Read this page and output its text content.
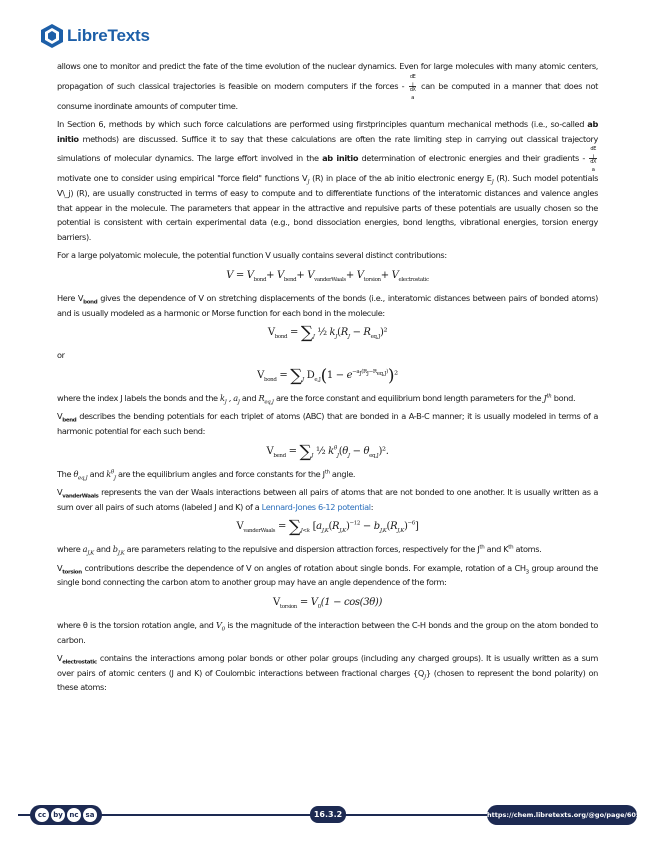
LibreTexts

allows one to monitor and predict the fate of the time evolution of the nuclear dynamics. Even for large molecules with many atomic centers, propagation of such classical trajectories is feasible on modern computers if the forces - dE
$_j$
dX
$_a$ can be computed in a manner that does not consume inordinate amounts of computer time.

In Section 6, methods by which such force calculations are performed using firstprinciples quantum mechanical methods (i.e., so-called ab initio methods) are discussed. Suffice it to say that these calculations are often the rate limiting step in carrying out classical trajectory simulations of molecular dynamics. The large effort involved in the ab initio determination of electronic energies and their gradients - dE
$_j$
dX
$_a$
motivate one to consider using empirical "force field" functions $V_J$ (R) in place of the ab initio electronic energy $E_J$ (R). Such model potentials V\_j) (R), are usually constructed in terms of easy to compute and to differentiate functions of the interatomic distances and valence angles that appear in the molecule. The parameters that appear in the attractive and repulsive parts of these potentials are usually chosen so the potential is consistent with certain experimental data (e.g., bond dissociation energies, bond lengths, vibrational energies, torsion energy barriers).

For a large polyatomic molecule, the potential function V usually contains several distinct contributions:

$V = V_{bond}+ V_{bend}+ V_{vanderWaals}+ V_{torsion}+ V_{electrostatic}$

Here $V_{bond}$ gives the dependence of V on stretching displacements of the bonds (i.e., interatomic distances between pairs of bonded atoms) and is usually modeled as a harmonic or Morse function for each bond in the molecule:

$V_{bond} = \sum_J$ ½ $k_J(R_J - R_{eq,J})^2$

or

$V_{bond} = \sum_J$ $D_{e,J}(1 - e^{-a_J(R_J-R_{eq,J})})^2$

where the index J labels the bonds and the $k_J$ , $a_J$ and $R_{eq,J}$ are the force constant and equilibrium bond length parameters for the $J^{th}$ bond.

$V_{bend}$ describes the bending potentials for each triplet of atoms (ABC) that are bonded in a A-B-C manner; it is usually modeled in terms of a harmonic potential for each such bend:

$V_{bend} = \sum_J$ ½ $k^\theta_J(\theta_J - \theta_{eq,J})^2$.

The $\theta_{eq,J}$ and $k^\theta_J$ are the equilibrium angles and force constants for the $J^{th}$ angle.

$V_{vanderWaals}$ represents the van der Waals interactions between all pairs of atoms that are not bonded to one another. It is usually written as a sum over all pairs of such atoms (labeled J and K) of a Lennard-Jones 6-12 potential:

$V_{vanderWaals} = \sum_{J<k}$ $[a_{J,K}(R_{J,K})^{-12} - b_{J,K}(R_{J,K})^{-6}]$

where $a_{J,K}$ and $b_{J,K}$ are parameters relating to the repulsive and dispersion attraction forces, respectively for the $J^{th}$ and $K^{th}$ atoms.

$V_{torsion}$ contributions describe the dependence of V on angles of rotation about single bonds. For example, rotation of a $CH_3$ group around the single bond connecting the carbon atom to another group may have an angle dependence of the form:

$V_{torsion} = V_0(1 - \cos(3\theta))$

where θ is the torsion rotation angle, and $V_0$ is the magnitude of the interaction between the C-H bonds and the group on the atom bonded to carbon.

$V_{electrostatic}$ contains the interactions among polar bonds or other polar groups (including any charged groups). It is usually written as a sum over pairs of atomic centers (J and K) of Coulombic interactions between fractional charges $\{Q_J\}$ (chosen to represent the bond polarity) on these atoms:

cc	by nc sa	16.3.2	https://chem.libretexts.org/@go/page/60584
